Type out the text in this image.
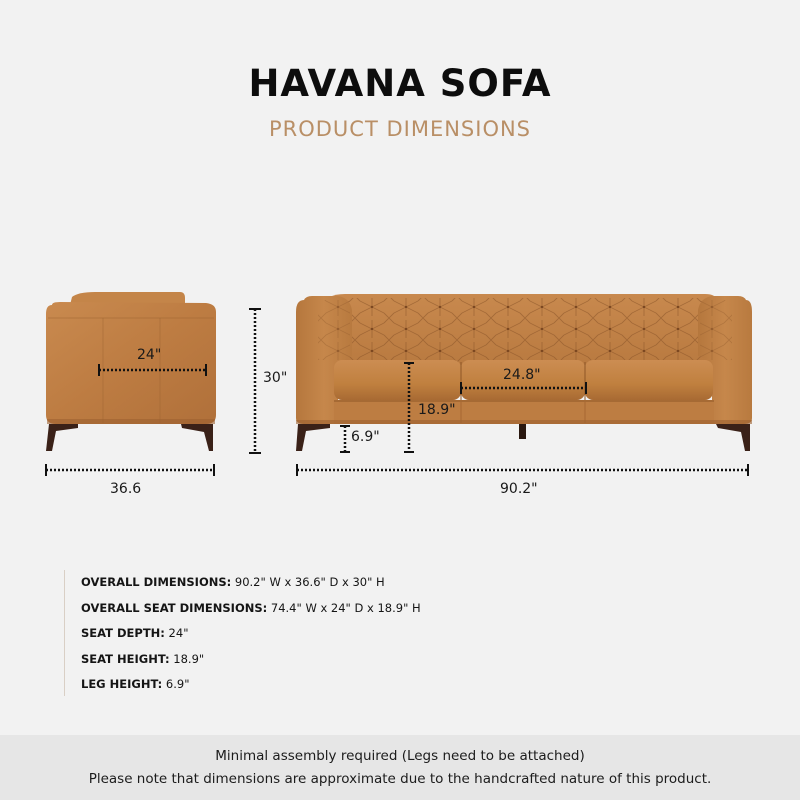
HAVANA SOFA
PRODUCT DIMENSIONS
24"
36.6
30"	24.8"
18.9"
6.9"
90.2"
OVERALL DIMENSIONS: 90.2" W x 36.6" D x 30" H
OVERALL SEAT DIMENSIONS: 74.4" W x 24" D x 18.9" H
SEAT DEPTH: 24"
SEAT HEIGHT: 18.9"
LEG HEIGHT: 6.9"
Minimal assembly required (Legs need to be attached)
Please note that dimensions are approximate due to the handcrafted nature of this product.
